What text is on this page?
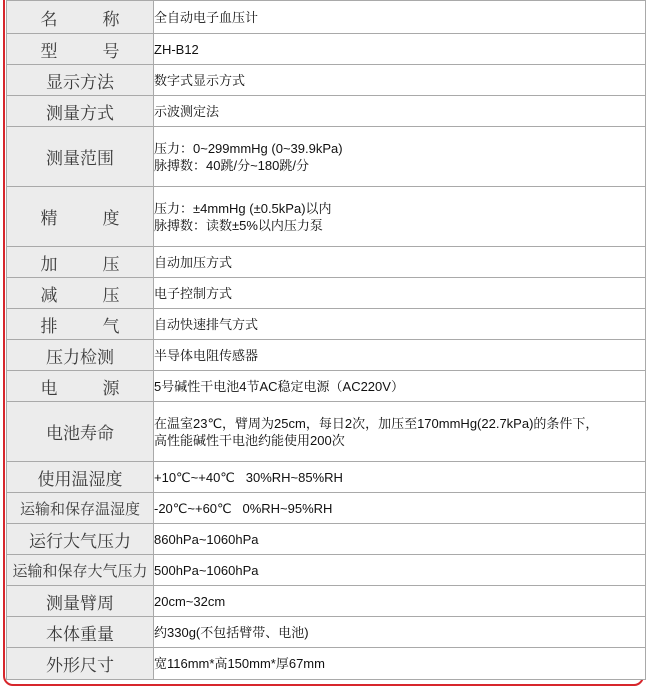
名　称	全自动电子血压计

型　号	ZH-B12

显示方法	数字式显示方式

测量方式	示波测定法

测量范围	压力：0~299mmHg (0~39.9kPa)
脉搏数：40跳/分~180跳/分

精　度	压力：±4mmHg (±0.5kPa)以内
脉搏数：读数±5%以内压力泵

加　压	自动加压方式

减　压	电子控制方式

排　气	自动快速排气方式

压力检测	半导体电阻传感器

电　源	5号碱性干电池4节AC稳定电源（AC220V）

电池寿命	在温室23℃，臂周为25cm，每日2次，加压至170mmHg(22.7kPa)的条件下，
高性能碱性干电池约能使用200次

使用温湿度	+10℃~+40℃   30%RH~85%RH

运输和保存温湿度	-20℃~+60℃   0%RH~95%RH

运行大气压力	860hPa~1060hPa

运输和保存大气压力	500hPa~1060hPa

测量臂周	20cm~32cm

本体重量	约330g(不包括臂带、电池)

外形尺寸	宽116mm*高150mm*厚67mm
